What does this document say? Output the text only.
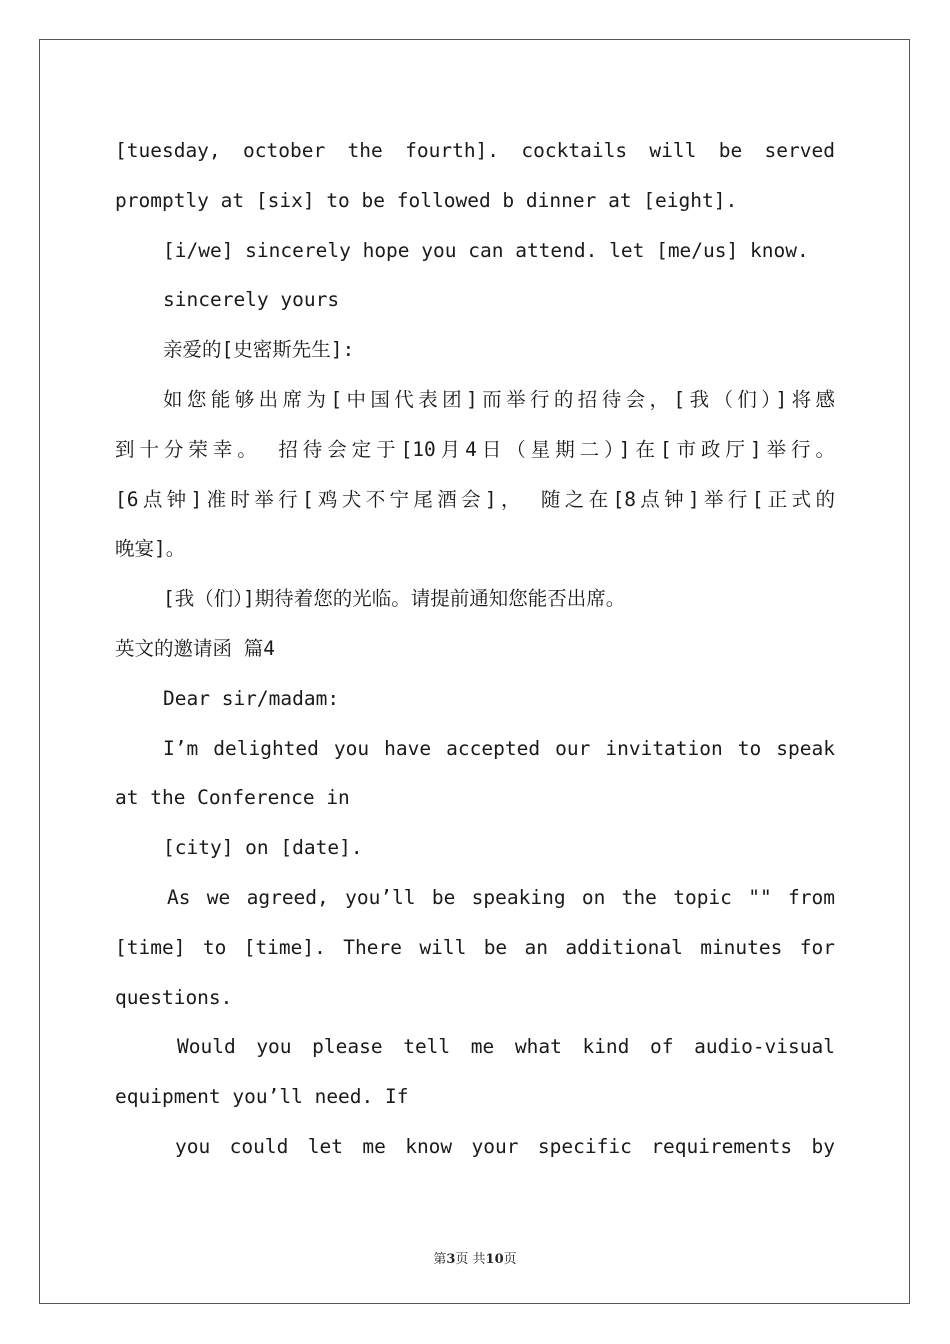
[tuesday, october the fourth]. cocktails will be served
promptly at [six] to be followed b dinner at [eight].
[i/we] sincerely hope you can attend. let [me/us] know.
sincerely yours
亲爱的[史密斯先生]:
如您能够出席为[中国代表团]而举行的招待会，[我（们）]将感
到十分荣幸。 招待会定于[10月4日（星期二）]在[市政厅]举行。
[6点钟]准时举行[鸡犬不宁尾酒会]， 随之在[8点钟]举行[正式的
晚宴]。
[我（们）]期待着您的光临。请提前通知您能否出席。
英文的邀请函 篇4
Dear sir/madam:
I’m delighted you have accepted our invitation to speak
at the Conference in
[city] on [date].
As we agreed, you’ll be speaking on the topic "" from
[time] to [time]. There will be an additional minutes for
questions.
Would you please tell me what kind of audio-visual
equipment you’ll need. If
you could let me know your specific requirements by
第3页 共10页
